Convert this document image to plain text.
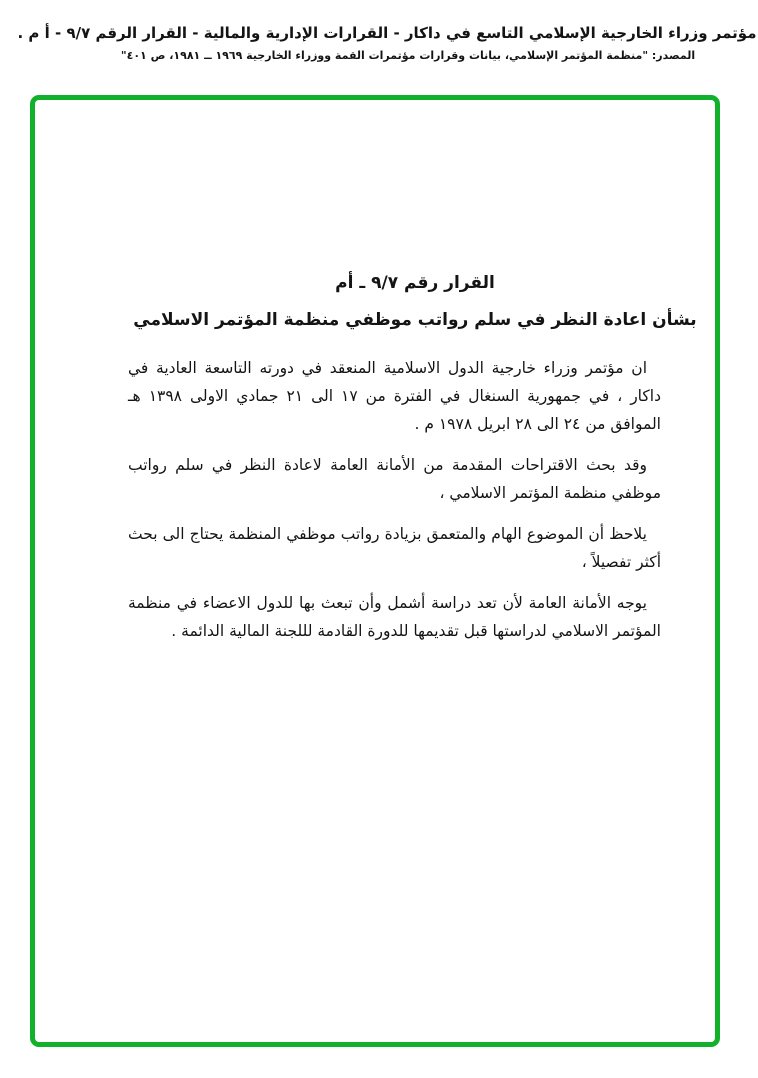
مؤتمر وزراء الخارجية الإسلامي التاسع في داكار - القرارات الإدارية والمالية - القرار الرقم ٩/٧ - أ م .
المصدر: "منظمة المؤتمر الإسلامي، بيانات وقرارات مؤتمرات القمة ووزراء الخارجية ١٩٦٩ ــ ١٩٨١، ص ٤٠١"
القرار رقم ٩/٧ ـ أم
بشأن اعادة النظر في سلم رواتب موظفي منظمة المؤتمر الاسلامي

ان مؤتمر وزراء خارجية الدول الاسلامية المنعقد في دورته التاسعة العادية في داكار ، في جمهورية السنغال في الفترة من ١٧ الى ٢١ جمادي الاولى ١٣٩٨ هـ الموافق من ٢٤ الى ٢٨ ابريل ١٩٧٨ م .

وقد بحث الاقتراحات المقدمة من الأمانة العامة لاعادة النظر في سلم رواتب موظفي منظمة المؤتمر الاسلامي ،

يلاحظ أن الموضوع الهام والمتعمق بزيادة رواتب موظفي المنظمة يحتاج الى بحث أكثر تفصيلاً ،

يوجه الأمانة العامة لأن تعد دراسة أشمل وأن تبعث بها للدول الاعضاء في منظمة المؤتمر الاسلامي لدراستها قبل تقديمها للدورة القادمة لللجنة المالية الدائمة .
